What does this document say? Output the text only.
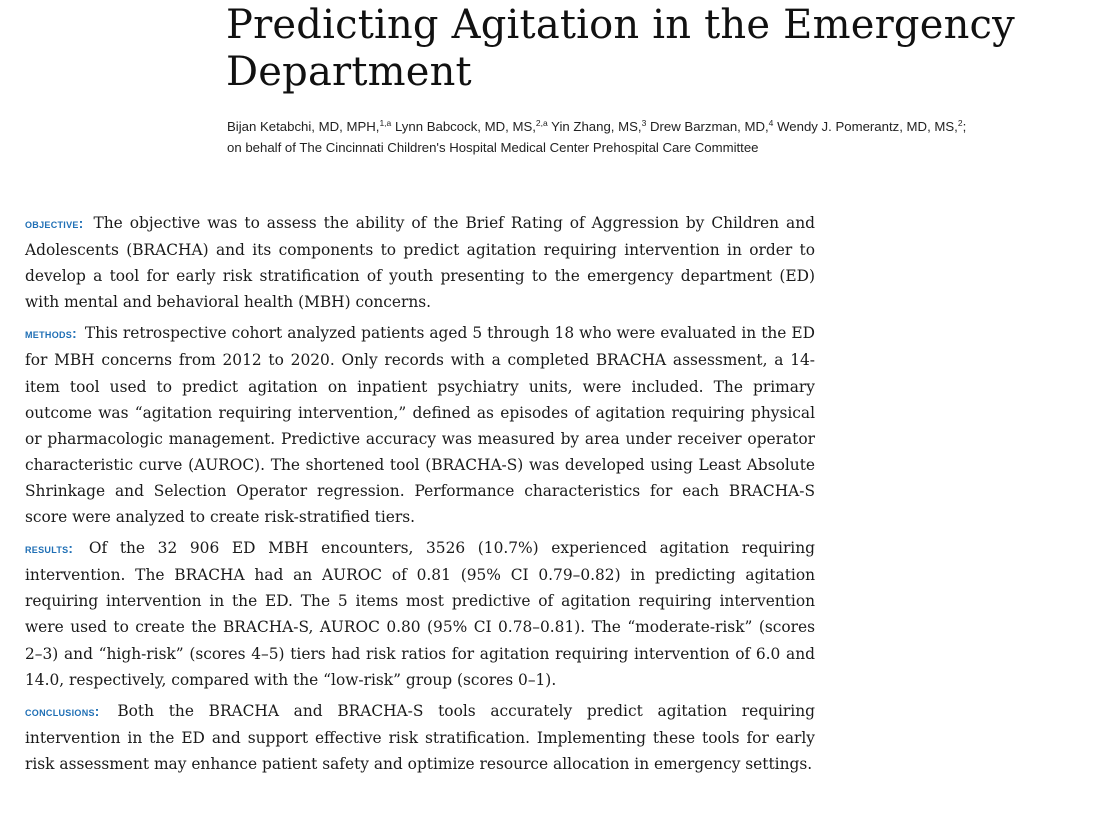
Predicting Agitation in the Emergency Department
Bijan Ketabchi, MD, MPH,$^{1,a}$ Lynn Babcock, MD, MS,$^{2,a}$ Yin Zhang, MS,$^3$ Drew Barzman, MD,$^4$ Wendy J. Pomerantz, MD, MS,$^2$;
on behalf of The Cincinnati Children's Hospital Medical Center Prehospital Care Committee

objective: The objective was to assess the ability of the Brief Rating of Aggression by Children and Adolescents (BRACHA) and its components to predict agitation requiring intervention in order to develop a tool for early risk stratification of youth presenting to the emergency department (ED) with mental and behavioral health (MBH) concerns.

methods: This retrospective cohort analyzed patients aged 5 through 18 who were evaluated in the ED for MBH concerns from 2012 to 2020. Only records with a completed BRACHA assessment, a 14-item tool used to predict agitation on inpatient psychiatry units, were included. The primary outcome was “agitation requiring intervention,” defined as episodes of agitation requiring physical or pharmacologic management. Predictive accuracy was measured by area under receiver operator characteristic curve (AUROC). The shortened tool (BRACHA-S) was developed using Least Absolute Shrinkage and Selection Operator regression. Performance characteristics for each BRACHA-S score were analyzed to create risk-stratified tiers.

results: Of the 32 906 ED MBH encounters, 3526 (10.7%) experienced agitation requiring intervention. The BRACHA had an AUROC of 0.81 (95% CI 0.79–0.82) in predicting agitation requiring intervention in the ED. The 5 items most predictive of agitation requiring intervention were used to create the BRACHA-S, AUROC 0.80 (95% CI 0.78–0.81). The “moderate-risk” (scores 2–3) and “high-risk” (scores 4–5) tiers had risk ratios for agitation requiring intervention of 6.0 and 14.0, respectively, compared with the “low-risk” group (scores 0–1).

conclusions: Both the BRACHA and BRACHA-S tools accurately predict agitation requiring intervention in the ED and support effective risk stratification. Implementing these tools for early risk assessment may enhance patient safety and optimize resource allocation in emergency settings.
